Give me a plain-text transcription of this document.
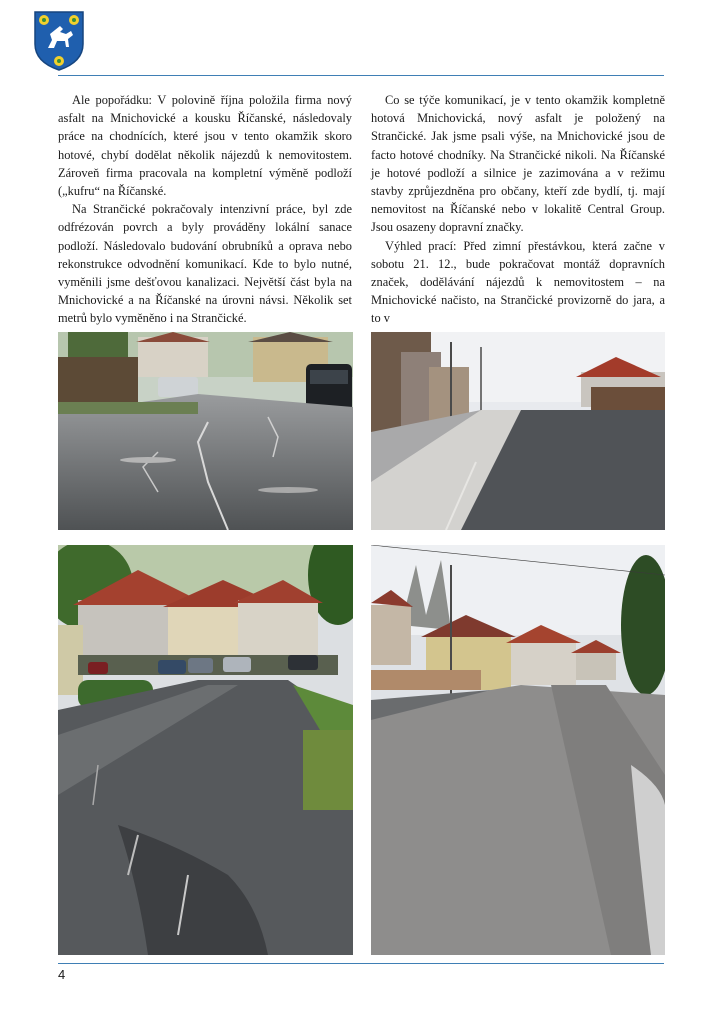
Ale popořádku: V polovině října položila firma nový asfalt na Mnichovické a kousku Říčanské, následovaly práce na chodnících, které jsou v tento okamžik skoro hotové, chybí dodělat několik nájezdů k nemovitostem. Zároveň firma pracovala na kompletní výměně podloží („kufru“ na Říčanské.

Na Strančické pokračovaly intenzivní práce, byl zde odfrézován povrch a byly prováděny lokální sanace podloží. Následovalo budování obrubníků a oprava nebo rekonstrukce odvodnění komunikací. Kde to bylo nutné, vyměnili jsme dešťovou kanalizaci. Největší část byla na Mnichovické a na Říčanské na úrovni návsi. Několik set metrů bylo vyměněno i na Strančické.

Co se týče komunikací, je v tento okamžik kompletně hotová Mnichovická, nový asfalt je položený na Strančické. Jak jsme psali výše, na Mnichovické jsou de facto hotové chodníky. Na Strančické nikoli. Na Říčanské je hotové podloží a silnice je zazimována a v režimu stavby zprůjezdněna pro občany, kteří zde bydlí, tj. mají nemovitost na Říčanské nebo v lokalitě Central Group. Jsou osazeny dopravní značky.

Výhled prací: Před zimní přestávkou, která začne v sobotu 21. 12., bude pokračovat montáž dopravních značek, dodělávání nájezdů k nemovitostem – na Mnichovické načisto, na Strančické provizorně do jara, a to v

4
